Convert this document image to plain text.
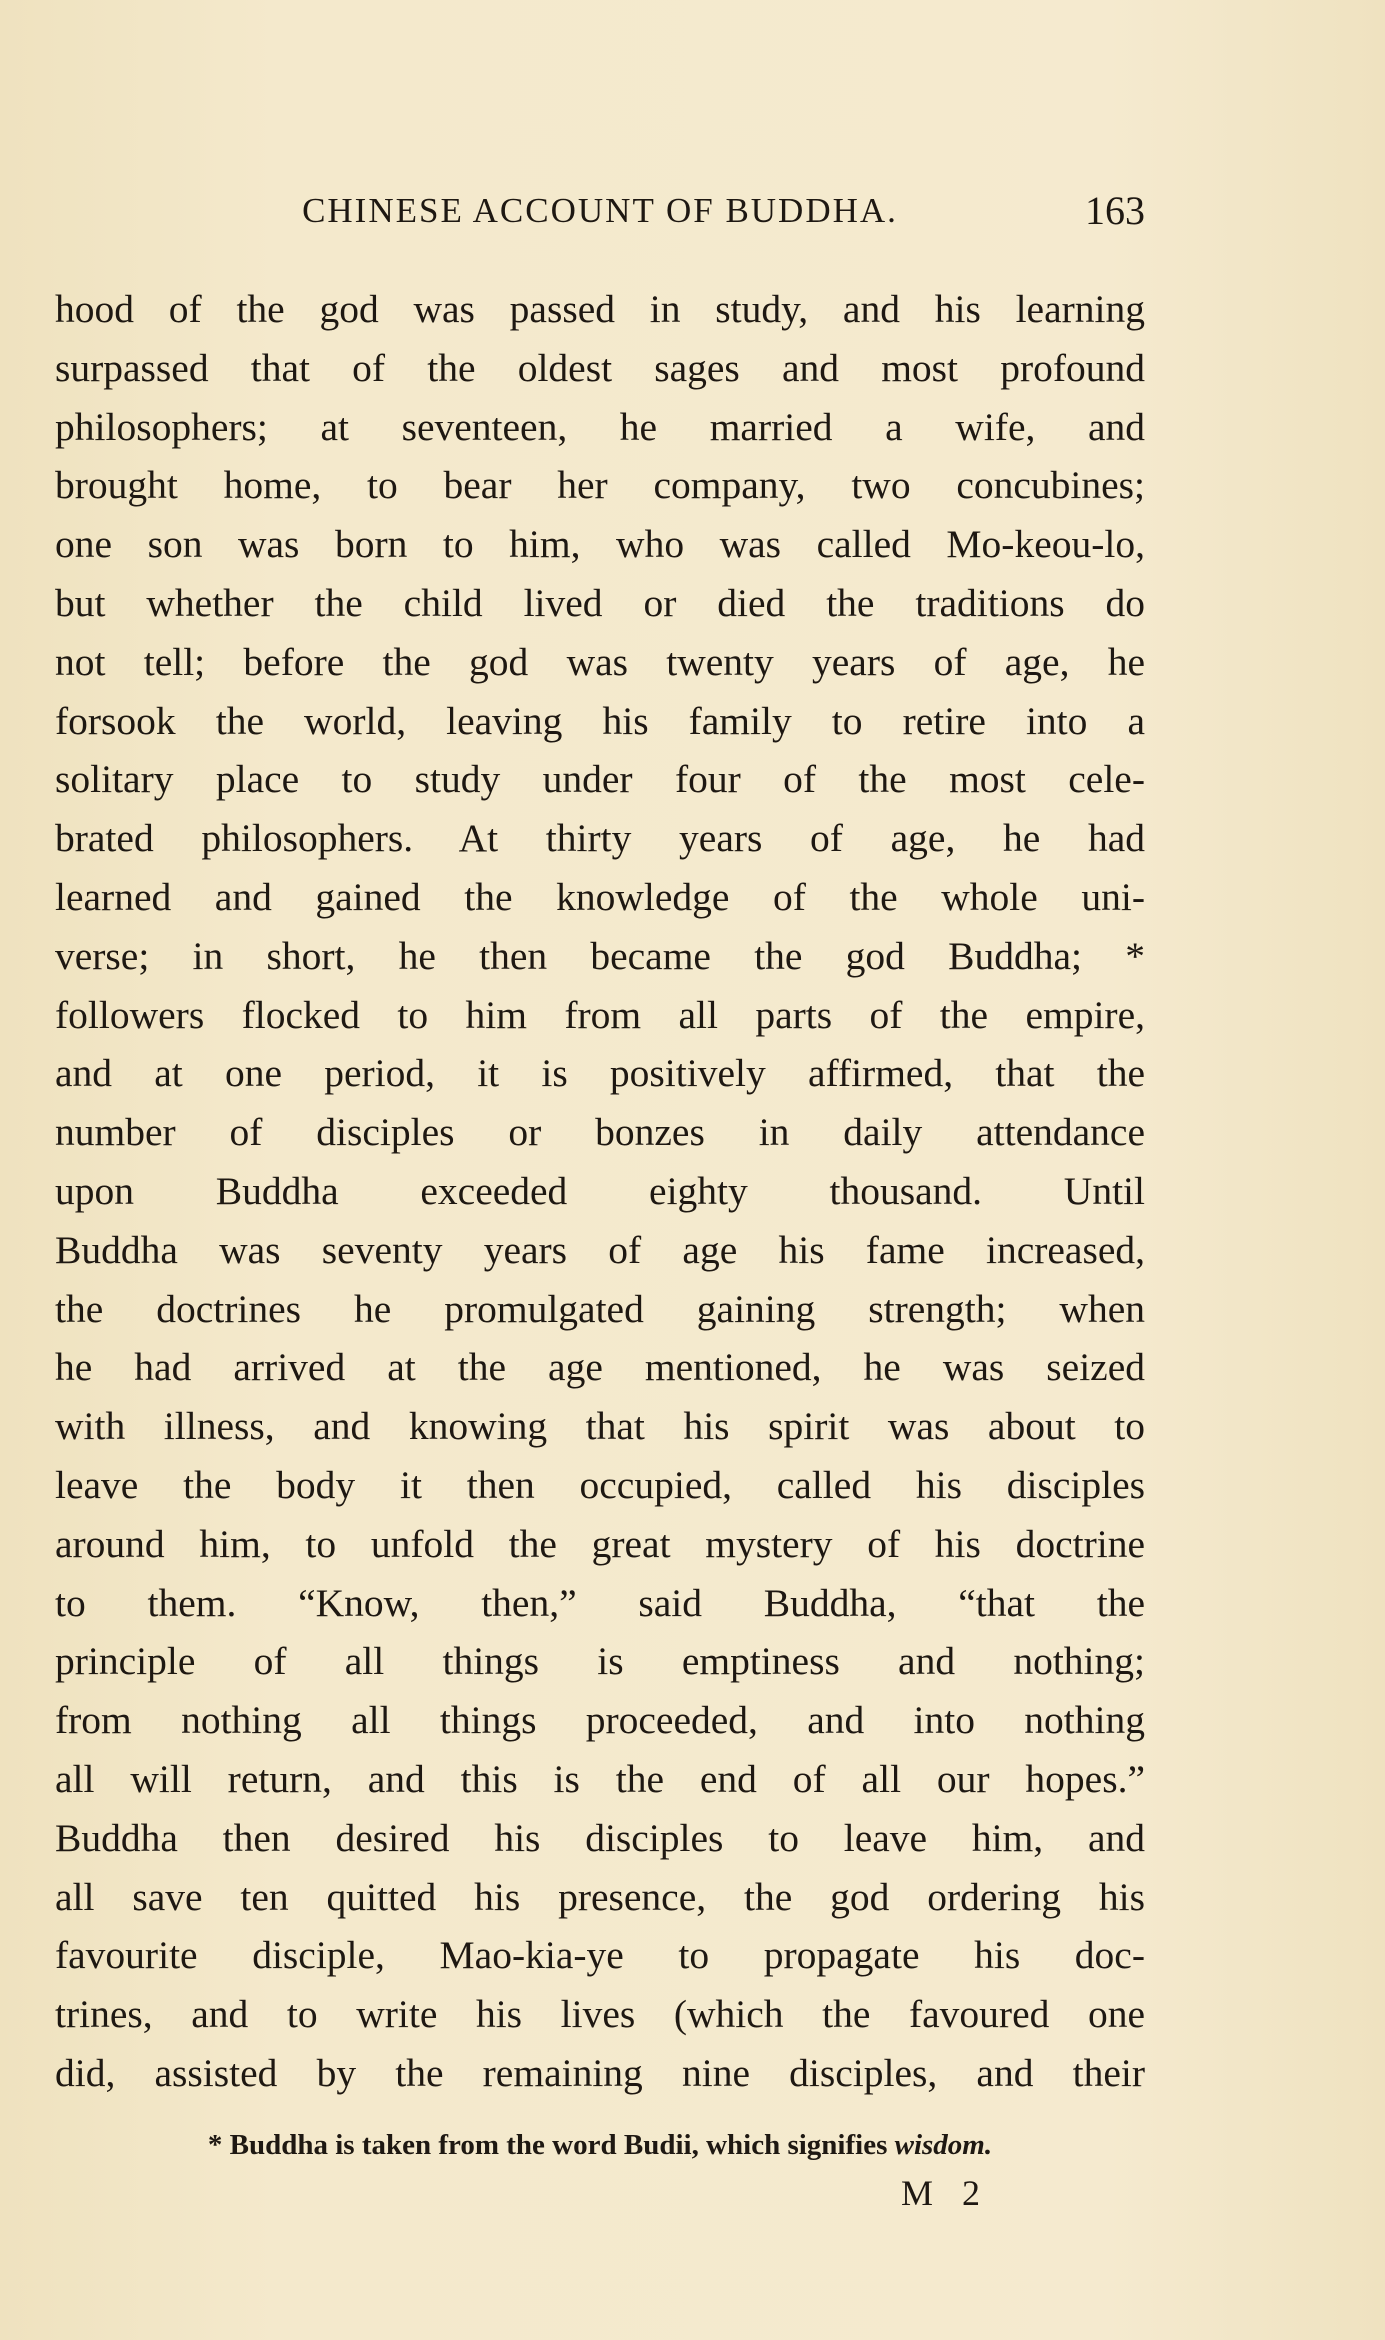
CHINESE ACCOUNT OF BUDDHA.	163
hood of the god was passed in study, and his learning
surpassed that of the oldest sages and most profound
philosophers; at seventeen, he married a wife, and
brought home, to bear her company, two concubines;
one son was born to him, who was called Mo-keou-lo,
but whether the child lived or died the traditions do
not tell; before the god was twenty years of age, he
forsook the world, leaving his family to retire into a
solitary place to study under four of the most cele-
brated philosophers. At thirty years of age, he had
learned and gained the knowledge of the whole uni-
verse; in short, he then became the god Buddha; *
followers flocked to him from all parts of the empire,
and at one period, it is positively affirmed, that the
number of disciples or bonzes in daily attendance
upon Buddha exceeded eighty thousand. Until
Buddha was seventy years of age his fame increased,
the doctrines he promulgated gaining strength; when
he had arrived at the age mentioned, he was seized
with illness, and knowing that his spirit was about to
leave the body it then occupied, called his disciples
around him, to unfold the great mystery of his doctrine
to them. “Know, then,” said Buddha, “that the
principle of all things is emptiness and nothing;
from nothing all things proceeded, and into nothing
all will return, and this is the end of all our hopes.”
Buddha then desired his disciples to leave him, and
all save ten quitted his presence, the god ordering his
favourite disciple, Mao-kia-ye to propagate his doc-
trines, and to write his lives (which the favoured one
did, assisted by the remaining nine disciples, and their
* Buddha is taken from the word Budii, which signifies wisdom.
M 2
